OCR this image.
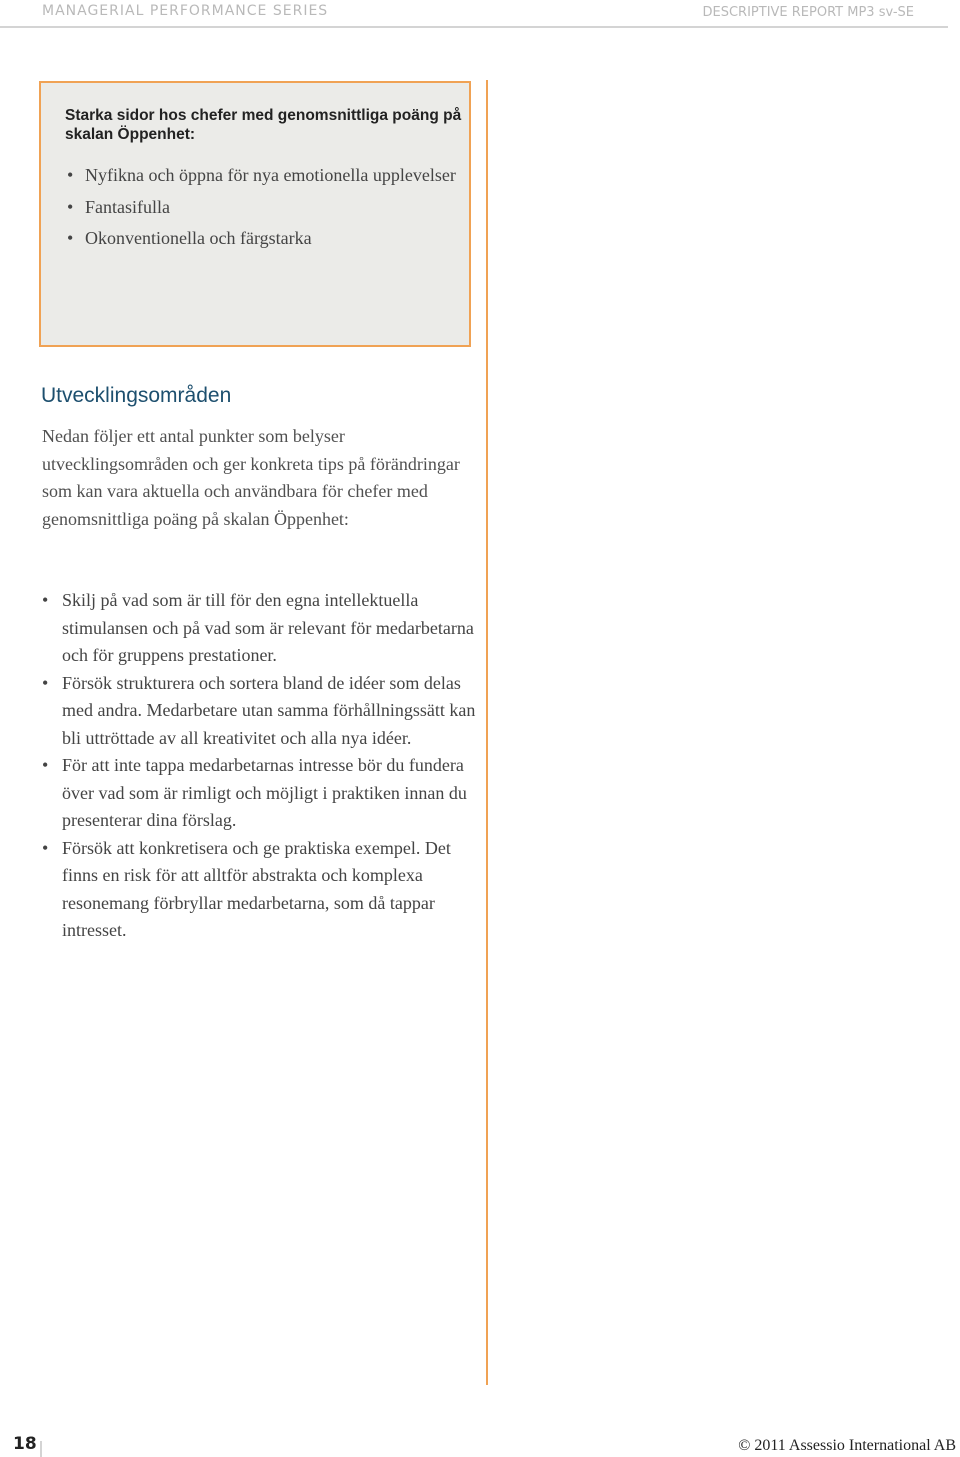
MANAGERIAL PERFORMANCE SERIES	DESCRIPTIVE REPORT MP3 sv-SE
Starka sidor hos chefer med genomsnittliga poäng på skalan Öppenhet:
• Nyfikna och öppna för nya emotionella upplevelser
• Fantasifulla
• Okonventionella och färgstarka
Utvecklingsområden

Nedan följer ett antal punkter som belyser utvecklingsområden och ger konkreta tips på förändringar som kan vara aktuella och användbara för chefer med genomsnittliga poäng på skalan Öppenhet:

• Skilj på vad som är till för den egna intellektuella stimulansen och på vad som är relevant för medarbetarna och för gruppens prestationer.
• Försök strukturera och sortera bland de idéer som delas med andra. Medarbetare utan samma förhållningssätt kan bli uttröttade av all kreativitet och alla nya idéer.
• För att inte tappa medarbetarnas intresse bör du fundera över vad som är rimligt och möjligt i praktiken innan du presenterar dina förslag.
• Försök att konkretisera och ge praktiska exempel. Det finns en risk för att alltför abstrakta och komplexa resonemang förbryllar medarbetarna, som då tappar intresset.
18	© 2011 Assessio International AB
